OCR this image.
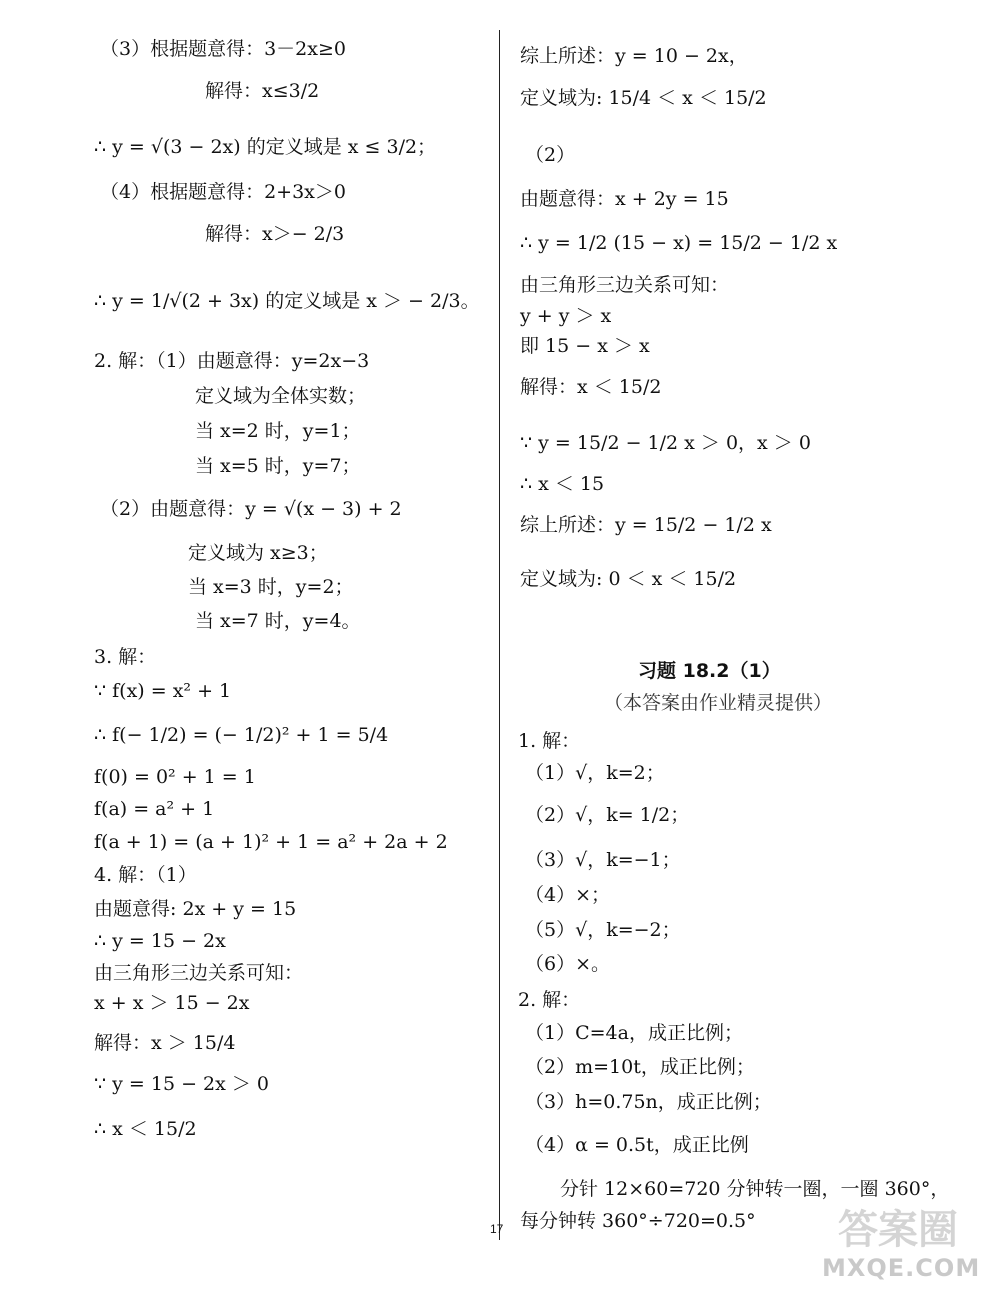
（3）根据题意得：3－2x≥0
解得：x≤3/2
∴ y = √(3 − 2x) 的定义域是 x ≤ 3/2；
（4）根据题意得：2+3x＞0
解得：x＞− 2/3
∴ y = 1/√(2 + 3x) 的定义域是 x ＞ − 2/3。
2. 解：（1）由题意得：y=2x−3
定义域为全体实数；
当 x=2 时，y=1；
当 x=5 时，y=7；
（2）由题意得：y = √(x − 3) + 2
定义域为 x≥3；
当 x=3 时，y=2；
当 x=7 时，y=4。
3. 解：
∵ f(x) = x² + 1
∴ f(− 1/2) = (− 1/2)² + 1 = 5/4
f(0) = 0² + 1 = 1
f(a) = a² + 1
f(a + 1) = (a + 1)² + 1 = a² + 2a + 2
4. 解：（1）
由题意得: 2x + y = 15
∴ y = 15 − 2x
由三角形三边关系可知：
x + x ＞ 15 − 2x
解得：x ＞ 15/4
∵ y = 15 − 2x ＞ 0
∴ x ＜ 15/2
综上所述：y = 10 − 2x，
定义域为: 15/4 ＜ x ＜ 15/2
（2）
由题意得：x + 2y = 15
∴ y = 1/2 (15 − x) = 15/2 − 1/2 x
由三角形三边关系可知：
y + y ＞ x
即 15 − x ＞ x
解得：x ＜ 15/2
∵ y = 15/2 − 1/2 x ＞ 0，x ＞ 0
∴ x ＜ 15
综上所述：y = 15/2 − 1/2 x
定义域为: 0 ＜ x ＜ 15/2
习题 18.2（1）
（本答案由作业精灵提供）
1. 解：
（1）√，k=2；
（2）√，k= 1/2；
（3）√，k=−1；
（4）×；
（5）√，k=−2；
（6）×。
2. 解：
（1）C=4a，成正比例；
（2）m=10t，成正比例；
（3）h=0.75n，成正比例；
（4）α = 0.5t，成正比例
分针 12×60=720 分钟转一圈，一圈 360°，
每分钟转 360°÷720=0.5°
17	答案圈
MXQE.COM
